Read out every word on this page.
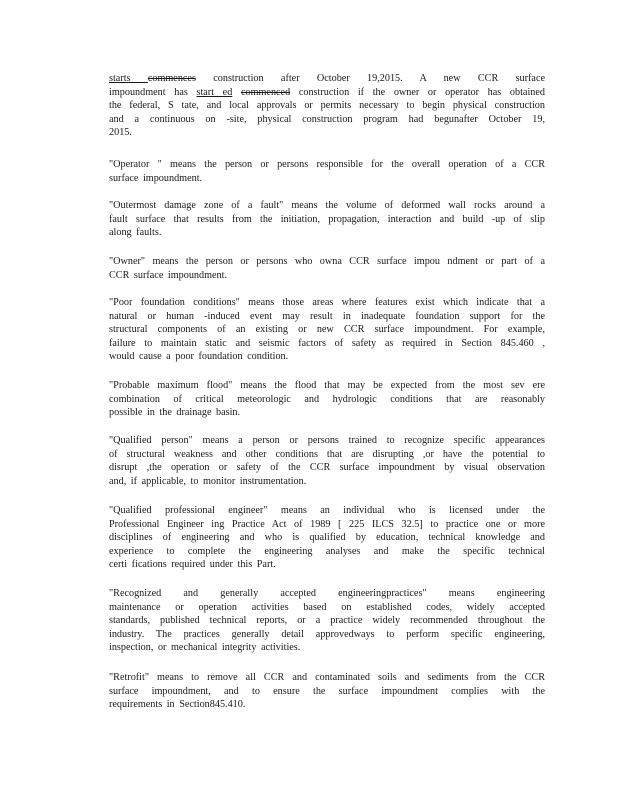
starts commences construction after October 19,2015. A new CCR surface
impoundment has start ed commenced construction if the owner or operator has obtained
the federal, S tate, and local approvals or permits necessary to begin physical construction
and a continuous on -site, physical construction program had begunafter October 19,
2015.
"Operator " means the person or persons responsible for the overall operation of a CCR
surface impoundment.
"Outermost damage zone of a fault" means the volume of deformed wall rocks around a
fault surface that results from the initiation, propagation, interaction and build -up of slip
along faults.
"Owner" means the person or persons who owna CCR surface impou ndment or part of a
CCR surface impoundment.
"Poor foundation conditions" means those areas where features exist which indicate that a
natural or human -induced event may result in inadequate foundation support for the
structural components of an existing or new CCR surface impoundment. For example,
failure to maintain static and seismic factors of safety as required in Section 845.460 ,
would cause a poor foundation condition.
"Probable maximum flood" means the flood that may be expected from the most sev ere
combination of critical meteorologic and hydrologic conditions that are reasonably
possible in the drainage basin.
"Qualified person" means a person or persons trained to recognize specific appearances
of structural weakness and other conditions that are disrupting ,or have the potential to
disrupt ,the operation or safety of the CCR surface impoundment by visual observation
and, if applicable, to monitor instrumentation.
"Qualified professional engineer" means an individual who is licensed under the
Professional Engineer ing Practice Act of 1989 [ 225 ILCS 32.5] to practice one or more
disciplines of engineering and who is qualified by education, technical knowledge and
experience to complete the engineering analyses and make the specific technical
certi fications required under this Part.
"Recognized and generally accepted engineeringpractices" means engineering
maintenance or operation activities based on established codes, widely accepted
standards, published technical reports, or a practice widely recommended throughout the
industry. The practices generally detail approvedways to perform specific engineering,
inspection, or mechanical integrity activities.
"Retrofit" means to remove all CCR and contaminated soils and sediments from the CCR
surface impoundment, and to ensure the surface impoundment complies with the
requirements in Section845.410.
